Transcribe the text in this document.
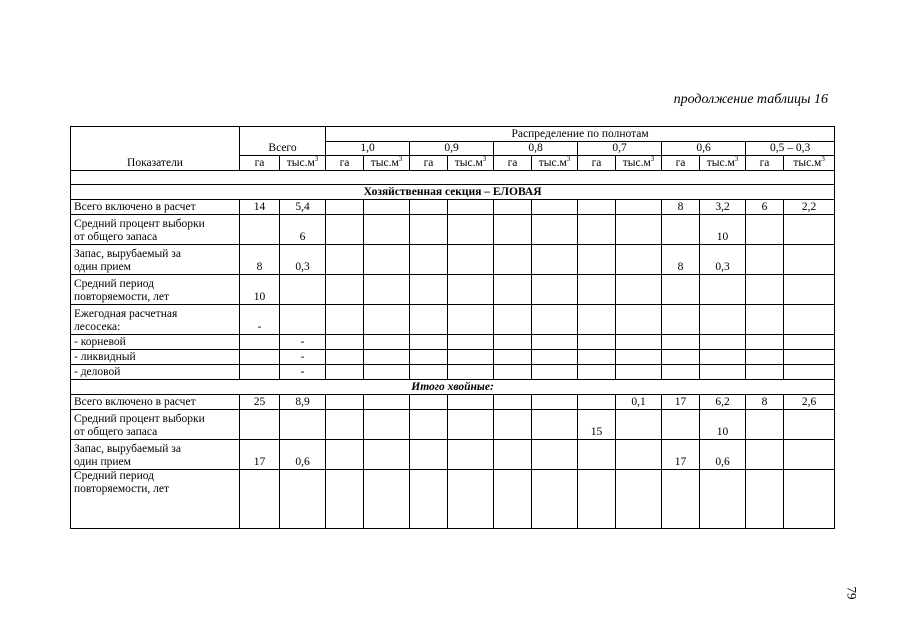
продолжение таблицы 16
Показатели	Всего		Распределение по полнотам											
			1,0		0,9		0,8		0,7		0,6		0,5 – 0,3	
	га	$тыс.м^3$	га	$тыс.м^3$	га	$тыс.м^3$	га	$тыс.м^3$	га	$тыс.м^3$	га	$тыс.м^3$	га	$тыс.м^3$

Хозяйственная секция – ЕЛОВАЯ														

Всего включено в расчет	14	5,4									8	3,2	6	2,2

Средний процент выборки
от общего запаса		6										10		

Запас, вырубаемый за
один прием	8	0,3									8	0,3		

Средний период
повторяемости, лет	10													

Ежегодная расчетная
лесосека:	-													

- корневой		-												

- ликвидный		-												

- деловой		-												
Итого хвойные:														

Всего включено в расчет	25	8,9								0,1	17	6,2	8	2,6

Средний процент выборки
от общего запаса									15			10		

Запас, вырубаемый за
один прием	17	0,6									17	0,6		

Средний период
повторяемости, лет														

79
